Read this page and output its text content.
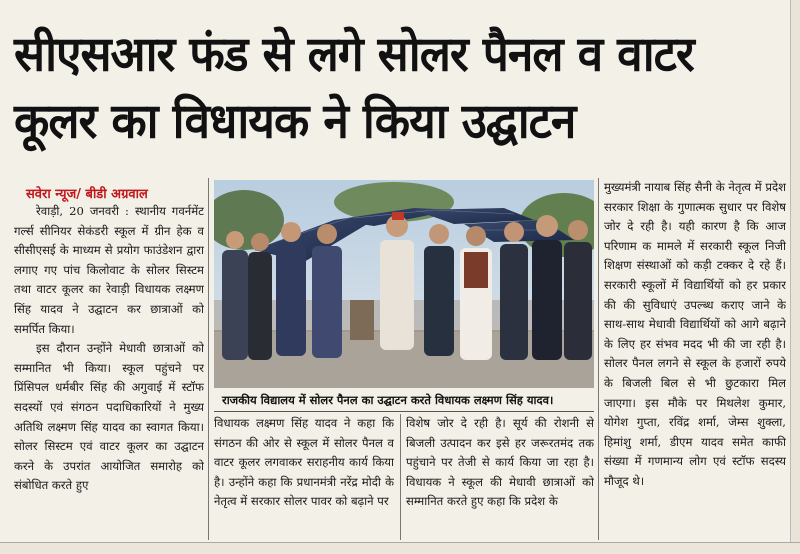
सीएसआर फंड से लगे सोलर पैनल व वाटर
कूलर का विधायक ने किया उद्घाटन
सवेरा न्यूज/ बीडी अग्रवाल

रेवाड़ी, 20 जनवरी : स्थानीय गवर्नमेंट गर्ल्स सीनियर सेकंडरी स्कूल में ग्रीन हेक व सीसीएसई के माध्यम से प्रयोग फाउंडेशन द्वारा लगाए गए पांच किलोवाट के सोलर सिस्टम तथा वाटर कूलर का रेवाड़ी विधायक लक्ष्मण सिंह यादव ने उद्घाटन कर छात्राओं को समर्पित किया।

इस दौरान उन्होंने मेधावी छात्राओं को सम्मानित भी किया। स्कूल पहुंचने पर प्रिंसिपल धर्मबीर सिंह की अगुवाई में स्टॉफ सदस्यों एवं संगठन पदाधिकारियों ने मुख्य अतिथि लक्ष्मण सिंह यादव का स्वागत किया। सोलर सिस्टम एवं वाटर कूलर का उद्घाटन करने के उपरांत आयोजित समारोह को संबोधित करते हुए

राजकीय विद्यालय में सोलर पैनल का उद्घाटन करते विधायक लक्ष्मण सिंह यादव।

विधायक लक्ष्मण सिंह यादव ने कहा कि संगठन की ओर से स्कूल में सोलर पैनल व वाटर कूलर लगवाकर सराहनीय कार्य किया है। उन्होंने कहा कि प्रधानमंत्री नरेंद्र मोदी के नेतृत्व में सरकार सोलर पावर को बढ़ाने पर

विशेष जोर दे रही है। सूर्य की रोशनी से बिजली उत्पादन कर इसे हर जरूरतमंद तक पहुंचाने पर तेजी से कार्य किया जा रहा है। विधायक ने स्कूल की मेधावी छात्राओं को सम्मानित करते हुए कहा कि प्रदेश के

मुख्यमंत्री नायाब सिंह सैनी के नेतृत्व में प्रदेश सरकार शिक्षा के गुणात्मक सुधार पर विशेष जोर दे रही है। यही कारण है कि आज परिणाम क मामले में सरकारी स्कूल निजी शिक्षण संस्थाओं को कड़ी टक्कर दे रहे हैं। सरकारी स्कूलों में विद्यार्थियों को हर प्रकार की की सुविधाएं उपल्ब्ध कराए जाने के साथ-साथ मेधावी विद्यार्थियों को आगे बढ़ाने के लिए हर संभव मदद भी की जा रही है। सोलर पैनल लगने से स्कूल के हजारों रुपये के बिजली बिल से भी छुटकारा मिल जाएगा। इस मौके पर मिथलेश कुमार, योगेश गुप्ता, रविंद्र शर्मा, जेम्स शुक्ला, हिमांशु शर्मा, डीएम यादव समेत काफी संख्या में गणमान्य लोग एवं स्टॉफ सदस्य मौजूद थे।
